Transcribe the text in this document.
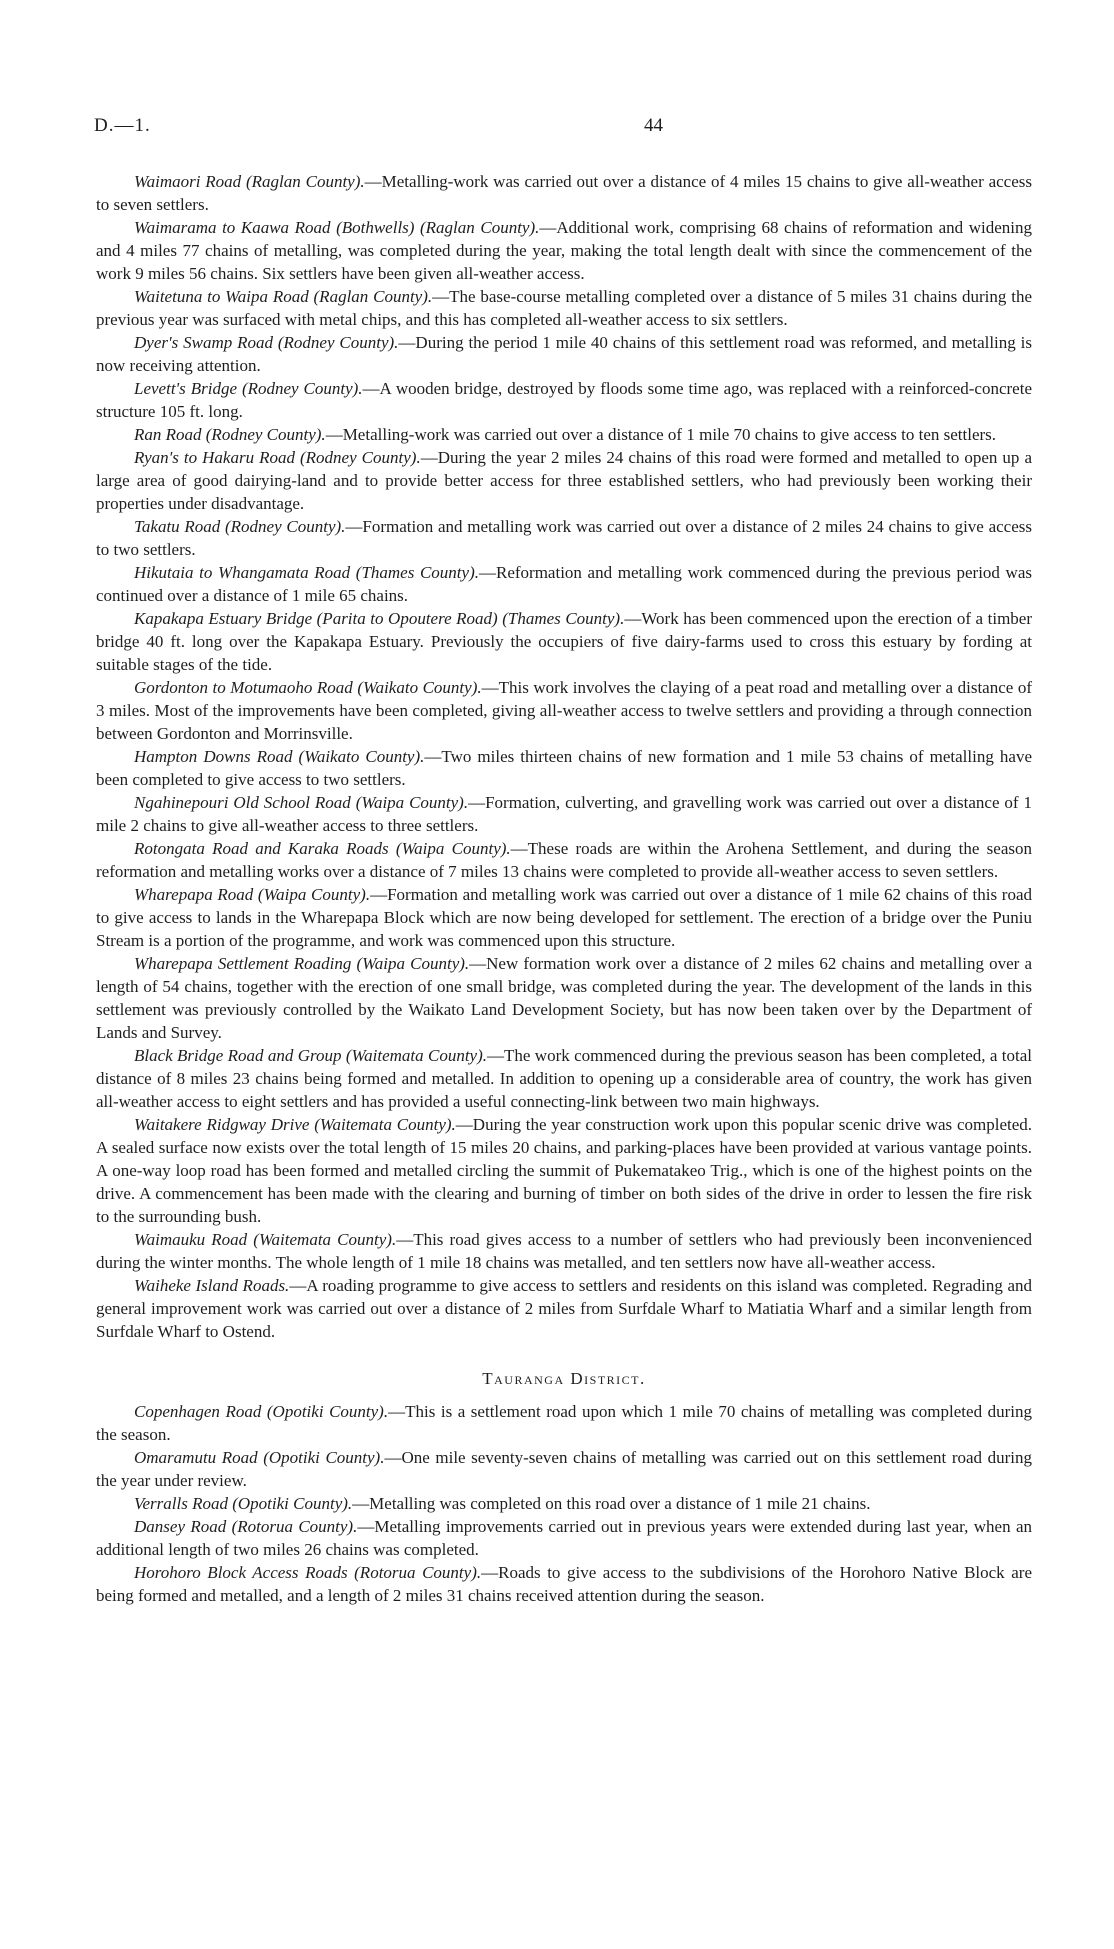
D.—1.	44

Waimaori Road (Raglan County).—Metalling-work was carried out over a distance of 4 miles 15 chains to give all-weather access to seven settlers.

Waimarama to Kaawa Road (Bothwells) (Raglan County).—Additional work, comprising 68 chains of reformation and widening and 4 miles 77 chains of metalling, was completed during the year, making the total length dealt with since the commencement of the work 9 miles 56 chains. Six settlers have been given all-weather access.

Waitetuna to Waipa Road (Raglan County).—The base-course metalling completed over a distance of 5 miles 31 chains during the previous year was surfaced with metal chips, and this has completed all-weather access to six settlers.

Dyer's Swamp Road (Rodney County).—During the period 1 mile 40 chains of this settlement road was reformed, and metalling is now receiving attention.

Levett's Bridge (Rodney County).—A wooden bridge, destroyed by floods some time ago, was replaced with a reinforced-concrete structure 105 ft. long.

Ran Road (Rodney County).—Metalling-work was carried out over a distance of 1 mile 70 chains to give access to ten settlers.

Ryan's to Hakaru Road (Rodney County).—During the year 2 miles 24 chains of this road were formed and metalled to open up a large area of good dairying-land and to provide better access for three established settlers, who had previously been working their properties under disadvantage.

Takatu Road (Rodney County).—Formation and metalling work was carried out over a distance of 2 miles 24 chains to give access to two settlers.

Hikutaia to Whangamata Road (Thames County).—Reformation and metalling work commenced during the previous period was continued over a distance of 1 mile 65 chains.

Kapakapa Estuary Bridge (Parita to Opoutere Road) (Thames County).—Work has been commenced upon the erection of a timber bridge 40 ft. long over the Kapakapa Estuary. Previously the occupiers of five dairy-farms used to cross this estuary by fording at suitable stages of the tide.

Gordonton to Motumaoho Road (Waikato County).—This work involves the claying of a peat road and metalling over a distance of 3 miles. Most of the improvements have been completed, giving all-weather access to twelve settlers and providing a through connection between Gordonton and Morrinsville.

Hampton Downs Road (Waikato County).—Two miles thirteen chains of new formation and 1 mile 53 chains of metalling have been completed to give access to two settlers.

Ngahinepouri Old School Road (Waipa County).—Formation, culverting, and gravelling work was carried out over a distance of 1 mile 2 chains to give all-weather access to three settlers.

Rotongata Road and Karaka Roads (Waipa County).—These roads are within the Arohena Settlement, and during the season reformation and metalling works over a distance of 7 miles 13 chains were completed to provide all-weather access to seven settlers.

Wharepapa Road (Waipa County).—Formation and metalling work was carried out over a distance of 1 mile 62 chains of this road to give access to lands in the Wharepapa Block which are now being developed for settlement. The erection of a bridge over the Puniu Stream is a portion of the programme, and work was commenced upon this structure.

Wharepapa Settlement Roading (Waipa County).—New formation work over a distance of 2 miles 62 chains and metalling over a length of 54 chains, together with the erection of one small bridge, was completed during the year. The development of the lands in this settlement was previously controlled by the Waikato Land Development Society, but has now been taken over by the Department of Lands and Survey.

Black Bridge Road and Group (Waitemata County).—The work commenced during the previous season has been completed, a total distance of 8 miles 23 chains being formed and metalled. In addition to opening up a considerable area of country, the work has given all-weather access to eight settlers and has provided a useful connecting-link between two main highways.

Waitakere Ridgway Drive (Waitemata County).—During the year construction work upon this popular scenic drive was completed. A sealed surface now exists over the total length of 15 miles 20 chains, and parking-places have been provided at various vantage points. A one-way loop road has been formed and metalled circling the summit of Pukematakeo Trig., which is one of the highest points on the drive. A commencement has been made with the clearing and burning of timber on both sides of the drive in order to lessen the fire risk to the surrounding bush.

Waimauku Road (Waitemata County).—This road gives access to a number of settlers who had previously been inconvenienced during the winter months. The whole length of 1 mile 18 chains was metalled, and ten settlers now have all-weather access.

Waiheke Island Roads.—A roading programme to give access to settlers and residents on this island was completed. Regrading and general improvement work was carried out over a distance of 2 miles from Surfdale Wharf to Matiatia Wharf and a similar length from Surfdale Wharf to Ostend.

Tauranga District.

Copenhagen Road (Opotiki County).—This is a settlement road upon which 1 mile 70 chains of metalling was completed during the season.

Omaramutu Road (Opotiki County).—One mile seventy-seven chains of metalling was carried out on this settlement road during the year under review.

Verralls Road (Opotiki County).—Metalling was completed on this road over a distance of 1 mile 21 chains.

Dansey Road (Rotorua County).—Metalling improvements carried out in previous years were extended during last year, when an additional length of two miles 26 chains was completed.

Horohoro Block Access Roads (Rotorua County).—Roads to give access to the subdivisions of the Horohoro Native Block are being formed and metalled, and a length of 2 miles 31 chains received attention during the season.
